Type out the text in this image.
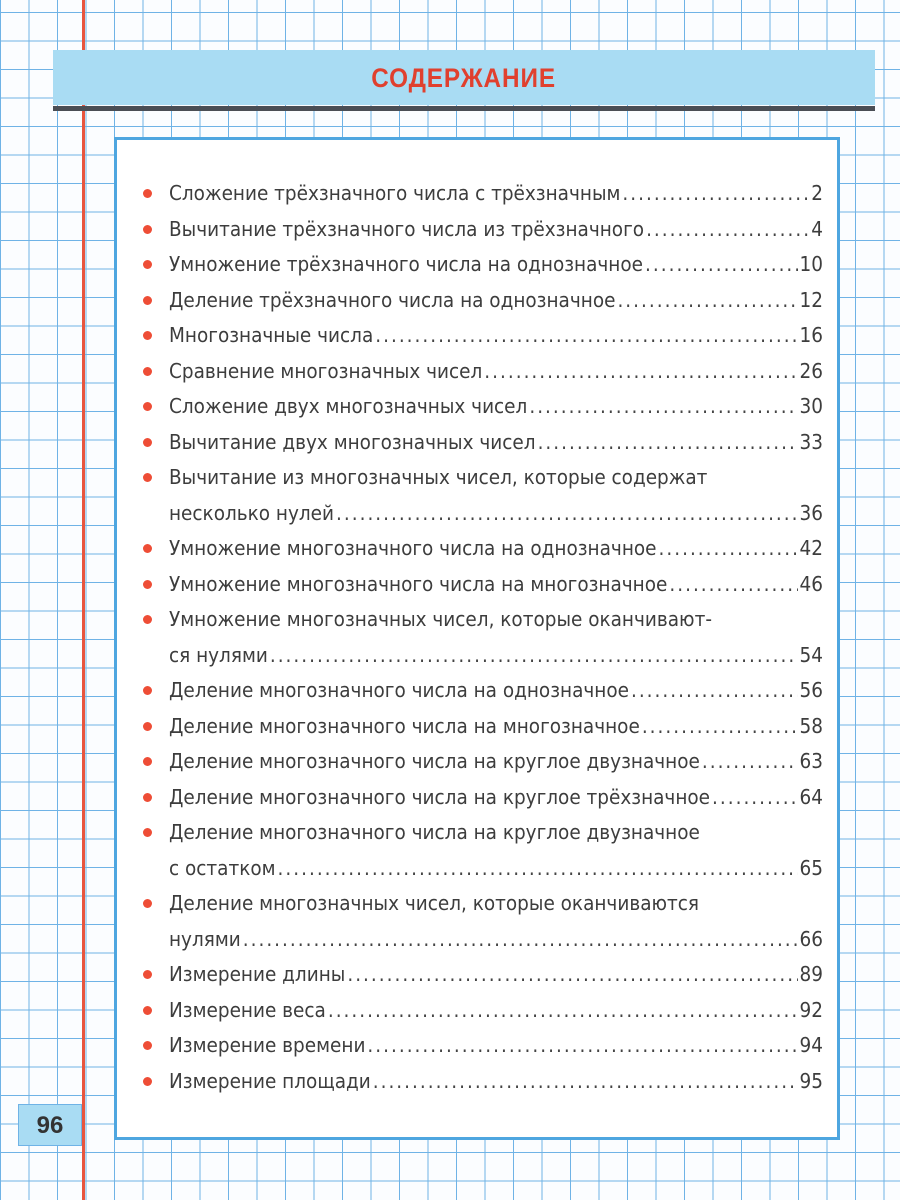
СОДЕРЖАНИЕ
Сложение трёхзначного числа с трёхзначным .....	2
Вычитание трёхзначного числа из трёхзначного .....	4
Умножение трёхзначного числа на однозначное .....	10
Деление трёхзначного числа на однозначное .....	12
Многозначные числа .....	16
Сравнение многозначных чисел .....	26
Сложение двух многозначных чисел .....	30
Вычитание двух многозначных чисел .....	33
Вычитание из многозначных чисел, которые содержат
несколько нулей .....	36
Умножение многозначного числа на однозначное .....	42
Умножение многозначного числа на многозначное .....	46
Умножение многозначных чисел, которые оканчивают-
ся нулями .....	54
Деление многозначного числа на однозначное .....	56
Деление многозначного числа на многозначное .....	58
Деление многозначного числа на круглое двузначное .....	63
Деление многозначного числа на круглое трёхзначное .....	64
Деление многозначного числа на круглое двузначное
с остатком .....	65
Деление многозначных чисел, которые оканчиваются
нулями .....	66
Измерение длины .....	89
Измерение веса .....	92
Измерение времени .....	94
Измерение площади .....	95
96
